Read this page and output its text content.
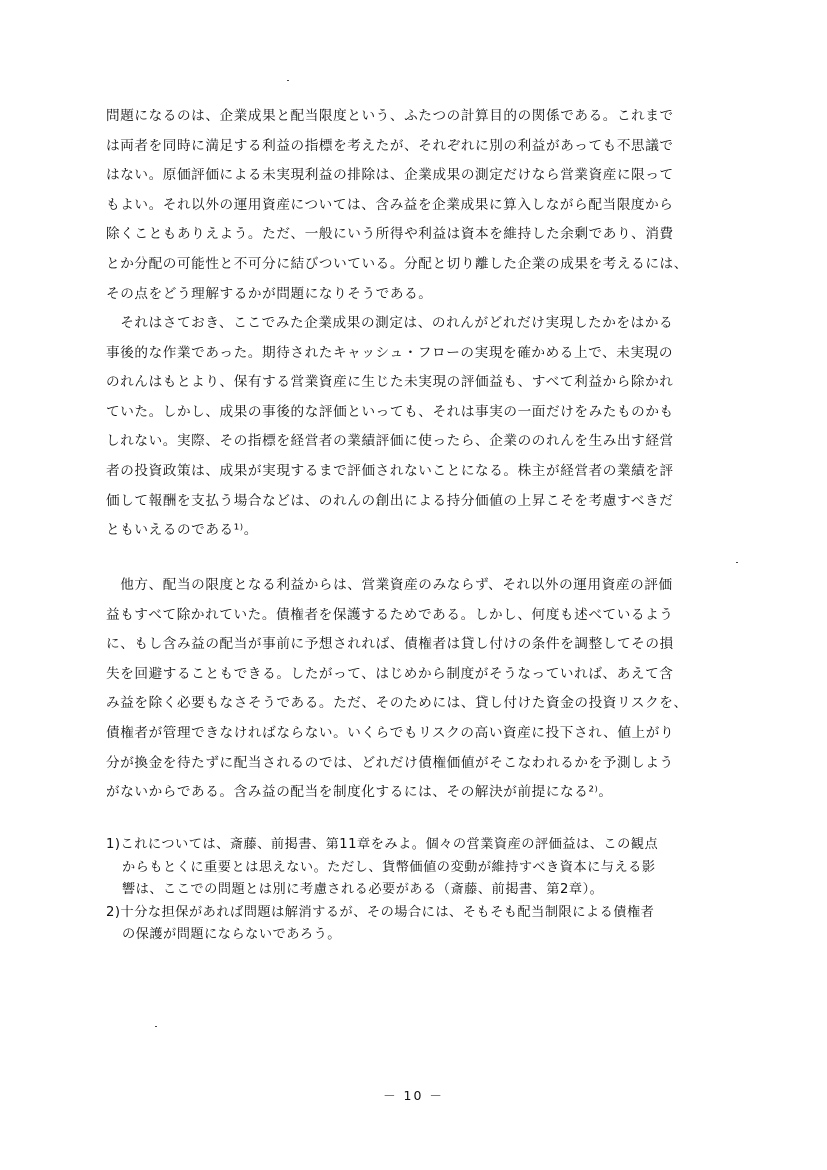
問題になるのは、企業成果と配当限度という、ふたつの計算目的の関係である。これまで
は両者を同時に満足する利益の指標を考えたが、それぞれに別の利益があっても不思議で
はない。原価評価による未実現利益の排除は、企業成果の測定だけなら営業資産に限って
もよい。それ以外の運用資産については、含み益を企業成果に算入しながら配当限度から
除くこともありえよう。ただ、一般にいう所得や利益は資本を維持した余剰であり、消費
とか分配の可能性と不可分に結びついている。分配と切り離した企業の成果を考えるには、
その点をどう理解するかが問題になりそうである。
　それはさておき、ここでみた企業成果の測定は、のれんがどれだけ実現したかをはかる
事後的な作業であった。期待されたキャッシュ・フローの実現を確かめる上で、未実現の
のれんはもとより、保有する営業資産に生じた未実現の評価益も、すべて利益から除かれ
ていた。しかし、成果の事後的な評価といっても、それは事実の一面だけをみたものかも
しれない。実際、その指標を経営者の業績評価に使ったら、企業ののれんを生み出す経営
者の投資政策は、成果が実現するまで評価されないことになる。株主が経営者の業績を評
価して報酬を支払う場合などは、のれんの創出による持分価値の上昇こそを考慮すべきだ
ともいえるのである¹⁾。
　他方、配当の限度となる利益からは、営業資産のみならず、それ以外の運用資産の評価
益もすべて除かれていた。債権者を保護するためである。しかし、何度も述べているよう
に、もし含み益の配当が事前に予想されれば、債権者は貸し付けの条件を調整してその損
失を回避することもできる。したがって、はじめから制度がそうなっていれば、あえて含
み益を除く必要もなさそうである。ただ、そのためには、貸し付けた資金の投資リスクを、
債権者が管理できなければならない。いくらでもリスクの高い資産に投下され、値上がり
分が換金を待たずに配当されるのでは、どれだけ債権価値がそこなわれるかを予測しよう
がないからである。含み益の配当を制度化するには、その解決が前提になる²⁾。
1)これについては、斎藤、前掲書、第11章をみよ。個々の営業資産の評価益は、この観点
からもとくに重要とは思えない。ただし、貨幣価値の変動が維持すべき資本に与える影
響は、ここでの問題とは別に考慮される必要がある（斎藤、前掲書、第2章）。
2)十分な担保があれば問題は解消するが、その場合には、そもそも配当制限による債権者
の保護が問題にならないであろう。
－ 10 －
